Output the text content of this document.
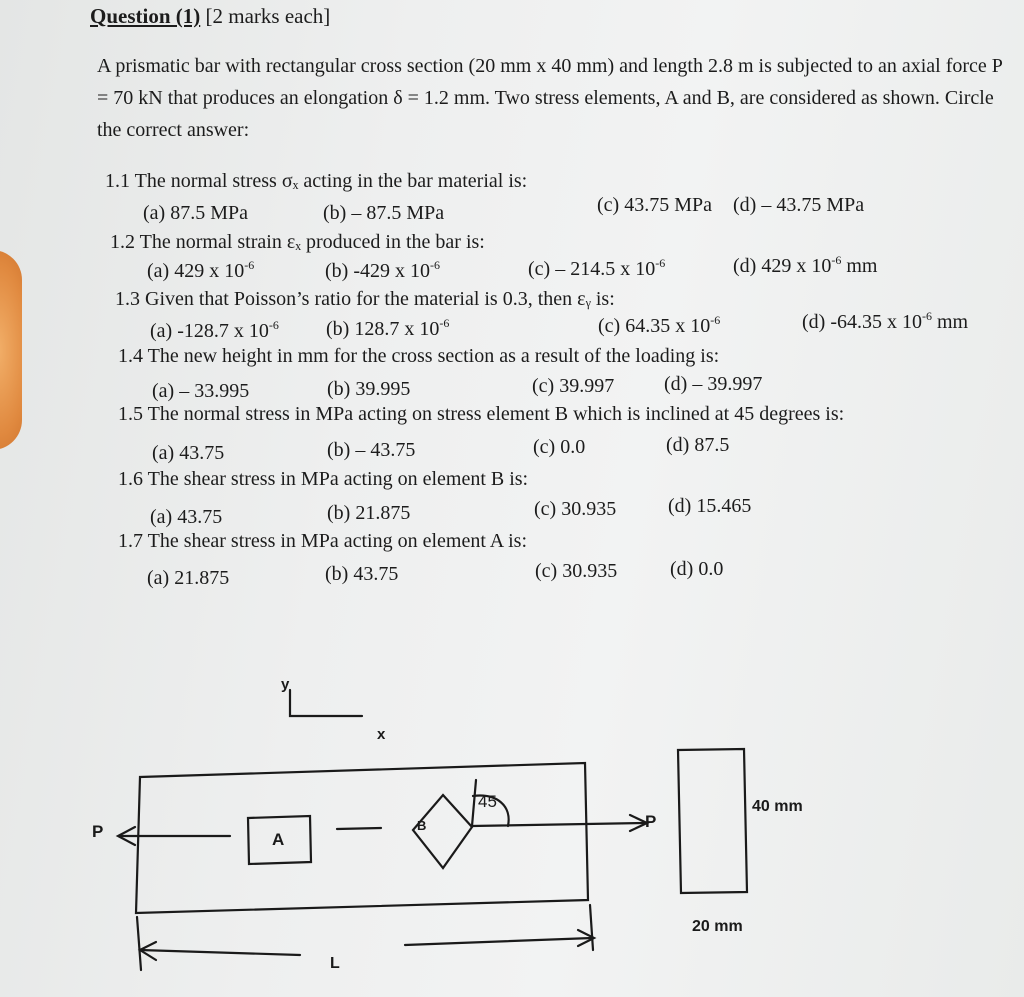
Question (1) [2 marks each]
A prismatic bar with rectangular cross section (20 mm x 40 mm) and length 2.8 m is subjected to an axial force P = 70 kN that produces an elongation δ = 1.2 mm. Two stress elements, A and B, are considered as shown. Circle the correct answer:
1.1 The normal stress σₓ acting in the bar material is:
(a) 87.5 MPa	(b) – 87.5 MPa	(c) 43.75 MPa (d) – 43.75 MPa
1.2 The normal strain εₓ produced in the bar is:
(a) 429 x $10^{-6}$	(b) -429 x $10^{-6}$	(c) – 214.5 x $10^{-6}$	(d) 429 x $10^{-6}$ mm
1.3 Given that Poisson’s ratio for the material is 0.3, then εᵧ is:
(a) -128.7 x $10^{-6}$ (b) 128.7 x $10^{-6}$	(c) 64.35 x $10^{-6}$	(d) -64.35 x $10^{-6}$ mm
1.4 The new height in mm for the cross section as a result of the loading is:
(a) – 33.995	(b) 39.995	(c) 39.997 (d) – 39.997
1.5 The normal stress in MPa acting on stress element B which is inclined at 45 degrees is:
(a) 43.75	(b) – 43.75	(c) 0.0	(d) 87.5
1.6 The shear stress in MPa acting on element B is:
(a) 43.75	(b) 21.875	(c) 30.935	(d) 15.465
1.7 The shear stress in MPa acting on element A is:
(a) 21.875	(b) 43.75	(c) 30.935	(d) 0.0
y
x
P
P
A
B
45
L
40 mm
20 mm
